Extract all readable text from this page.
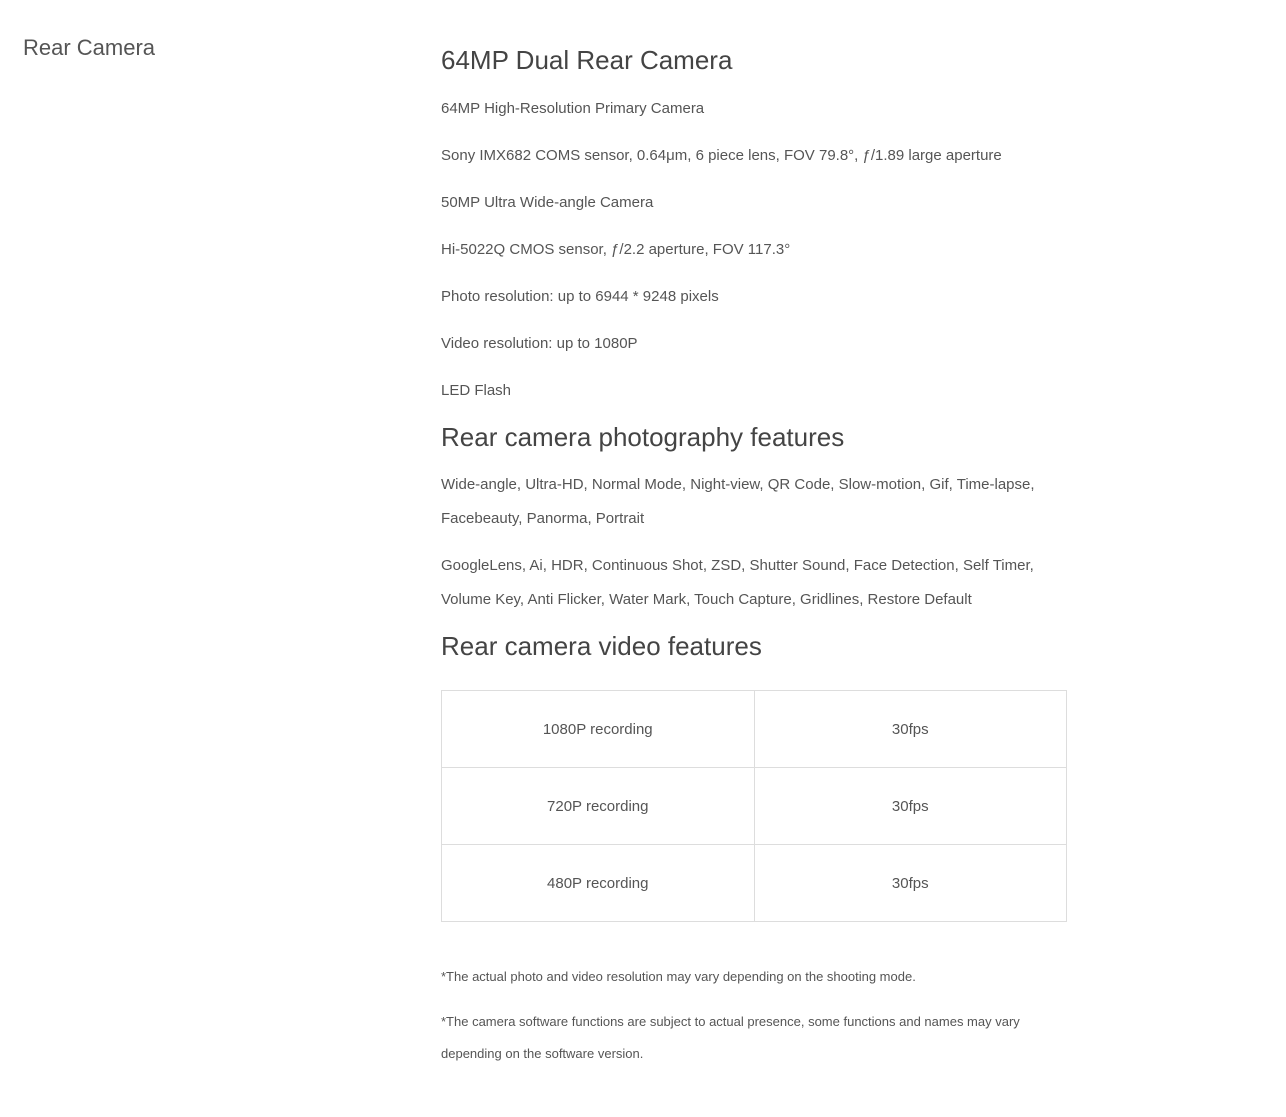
Rear Camera	64MP Dual Rear Camera

64MP High-Resolution Primary Camera

Sony IMX682 COMS sensor, 0.64μm, 6 piece lens, FOV 79.8°, ƒ/1.89 large aperture

50MP Ultra Wide-angle Camera

Hi-5022Q CMOS sensor, ƒ/2.2 aperture, FOV 117.3°

Photo resolution: up to 6944 * 9248 pixels

Video resolution: up to 1080P

LED Flash

Rear camera photography features

Wide-angle, Ultra-HD, Normal Mode, Night-view, QR Code, Slow-motion, Gif, Time-lapse, Facebeauty, Panorma, Portrait

GoogleLens, Ai, HDR, Continuous Shot, ZSD, Shutter Sound, Face Detection, Self Timer, Volume Key, Anti Flicker, Water Mark, Touch Capture, Gridlines, Restore Default

Rear camera video features
1080P recording	30fps
720P recording	30fps
480P recording	30fps

*The actual photo and video resolution may vary depending on the shooting mode.

*The camera software functions are subject to actual presence, some functions and names may vary depending on the software version.
